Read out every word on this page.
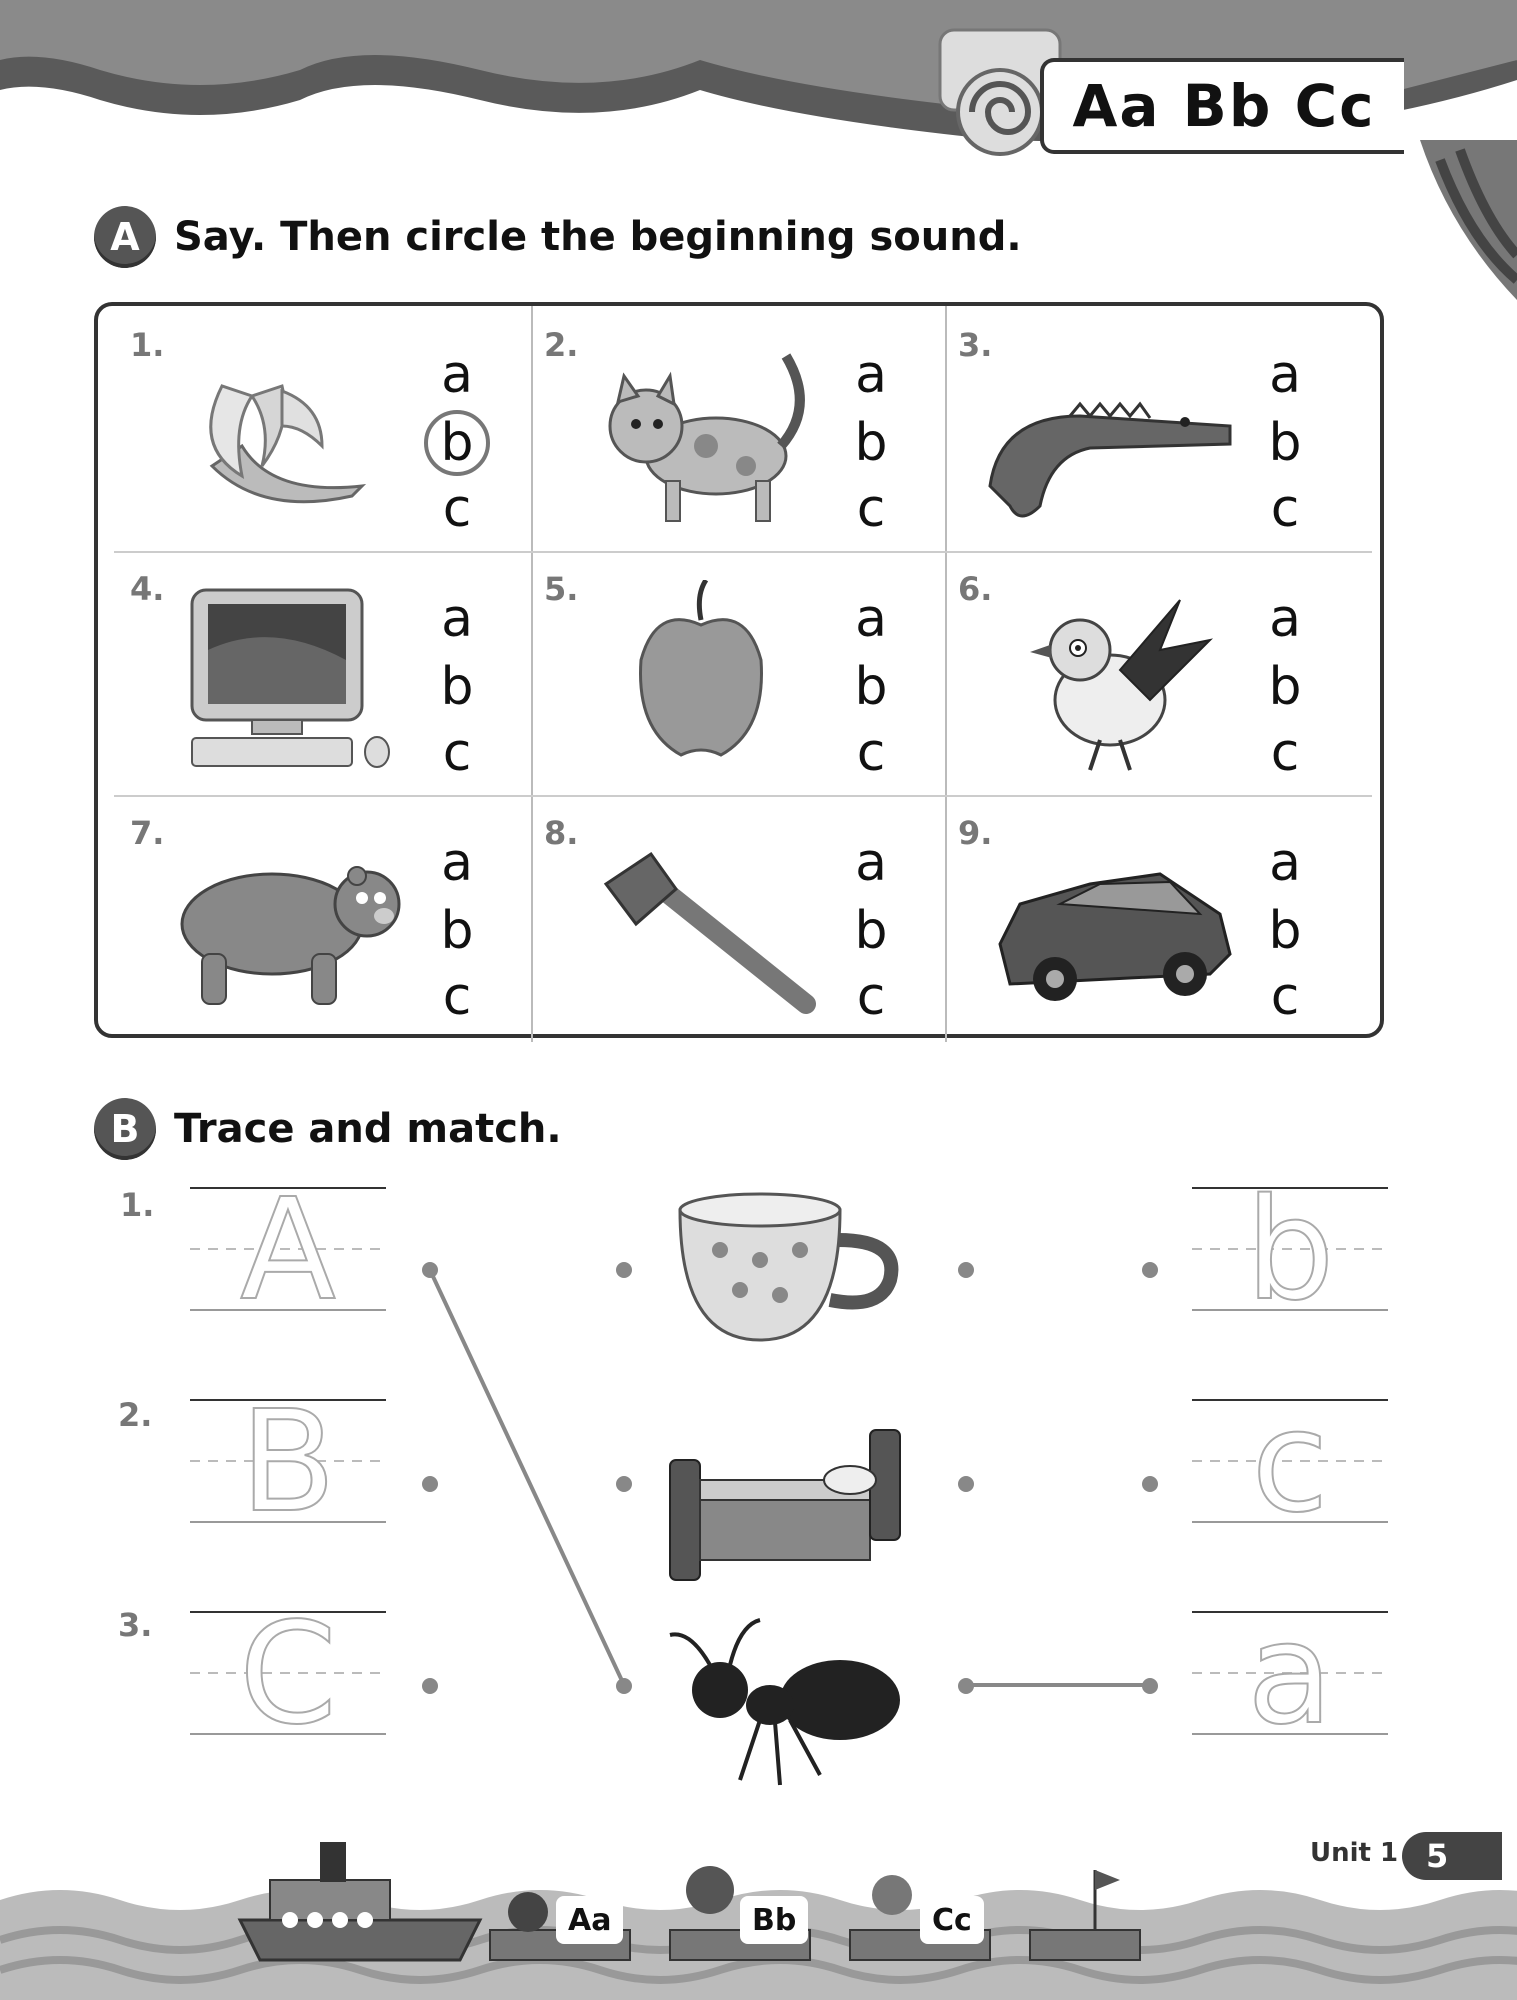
Aa Bb Cc
A Say. Then circle the beginning sound.
1.	a
b
c
2.	a
b
c
3.	a
b
c
4.	a
b
c
5.	a
b
c
6.	a
b
c
7.	a
b
c
8.	a
b
c
9.	a
b
c
B Trace and match.
1. A	b
2. B	c
3. C	a
Aa	Bb	Cc
Unit 1 5
